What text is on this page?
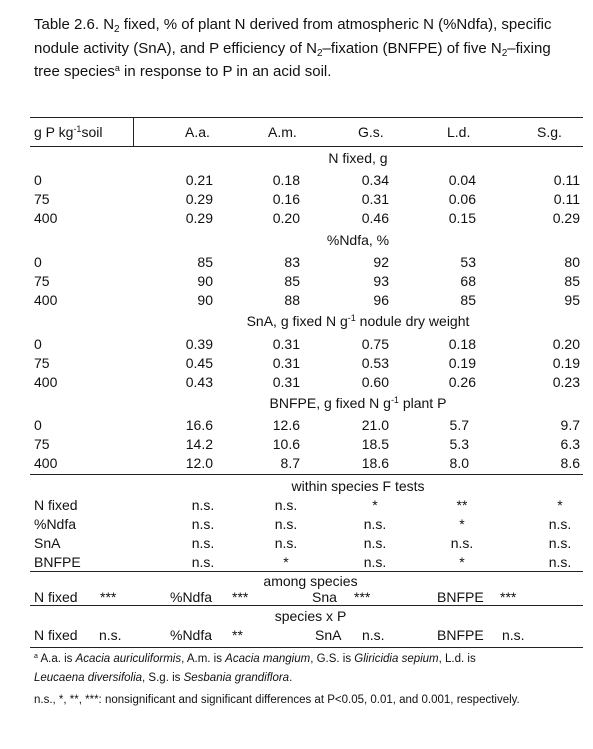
Table 2.6. $N_2$ fixed, % of plant N derived from atmospheric N (%Ndfa), specific nodule activity (SnA), and P efficiency of $N_2$–fixation (BNFPE) of five $N_2$–fixing tree species$^a$ in response to P in an acid soil.
g P $kg^{-1}soil$	A.a.	A.m.	G.s.	L.d.	S.g.
N fixed, g
0	0.21	0.18	0.34	0.04	0.11
75	0.29	0.16	0.31	0.06	0.11
400	0.29	0.20	0.46	0.15	0.29
%Ndfa, %
0	85	83	92	53	80
75	90	85	93	68	85
400	90	88	96	85	95
SnA, g fixed N $g^{-1}$ nodule dry weight
0	0.39	0.31	0.75	0.18	0.20
75	0.45	0.31	0.53	0.19	0.19
400	0.43	0.31	0.60	0.26	0.23
BNFPE, g fixed N $g^{-1}$ plant P
0	16.6	12.6	21.0	5.7	9.7
75	14.2	10.6	18.5	5.3	6.3
400	12.0	8.7	18.6	8.0	8.6
within species F tests
N fixed	n.s.	n.s.	*	**	*
%Ndfa	n.s.	n.s.	n.s.	*	n.s.
SnA	n.s.	n.s.	n.s.	n.s.	n.s.
BNFPE	n.s.	*	n.s.	*	n.s.
among species
N fixed ***	%Ndfa ***	Sna ***	BNFPE ***
species x P
N fixed n.s.	%Ndfa **	SnA n.s.	BNFPE n.s.
$^a$ A.a. is Acacia auriculiformis, A.m. is Acacia mangium, G.S. is Gliricidia sepium, L.d. is
Leucaena diversifolia, S.g. is Sesbania grandiflora.
n.s., *, **, ***: nonsignificant and significant differences at P<0.05, 0.01, and 0.001, respectively.
